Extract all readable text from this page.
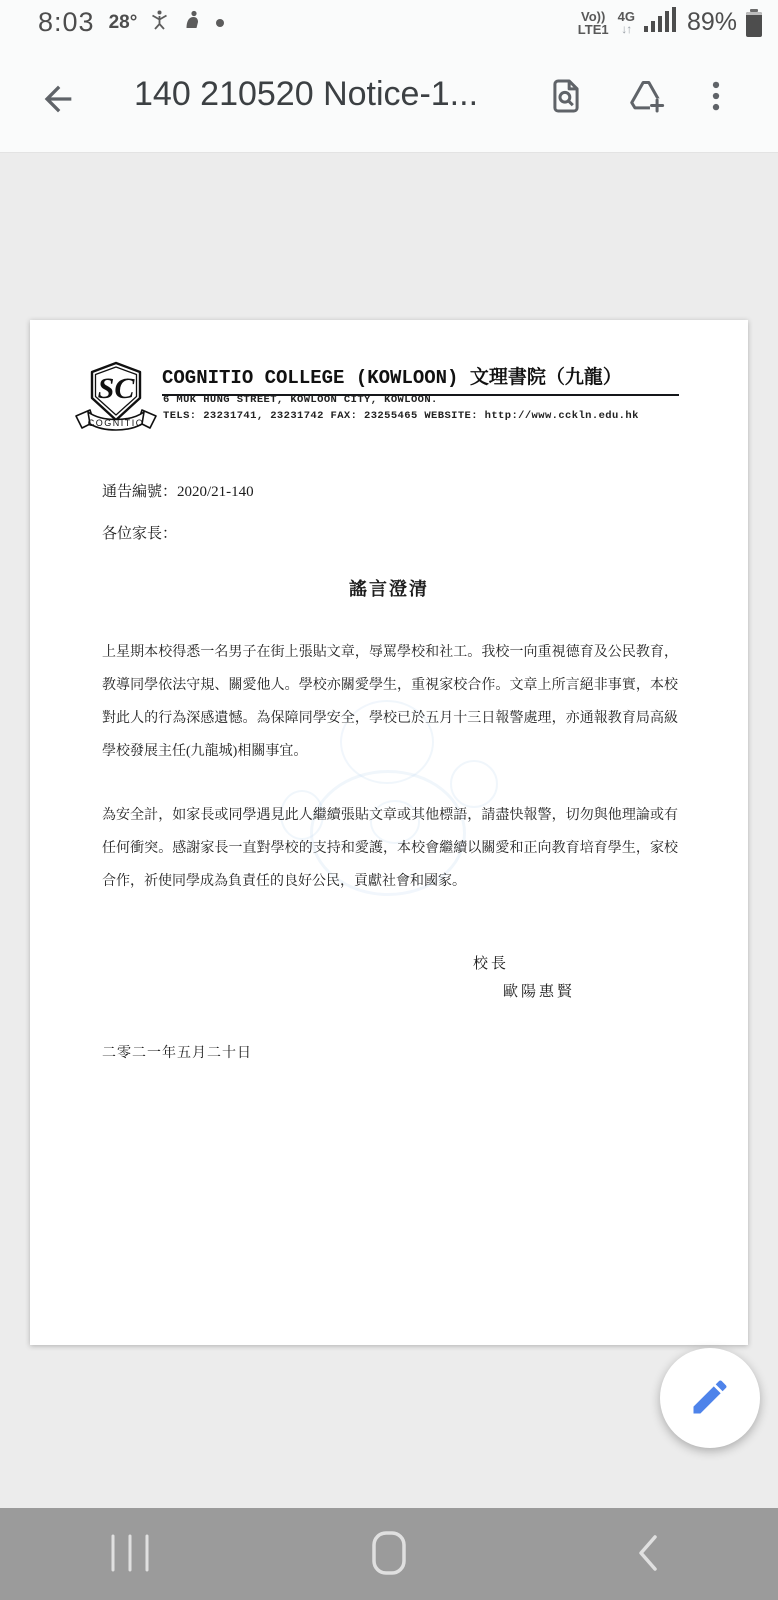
8:03 28°	Vo))
LTE1
4G
↓↑ 89%
140 210520 Notice-1...
SC
COGNITIO
COGNITIO COLLEGE (KOWLOON) 文理書院（九龍）
6 MUK HUNG STREET, KOWLOON CITY, KOWLOON.
TELS: 23231741, 23231742 FAX: 23255465 WEBSITE: http://www.cckln.edu.hk
通告編號：2020/21-140
各位家長：
謠言澄清
上星期本校得悉一名男子在街上張貼文章，辱罵學校和社工。我校一向重視德育及公民教育，教導同學依法守規、關愛他人。學校亦關愛學生，重視家校合作。文章上所言絕非事實，本校對此人的行為深感遺憾。為保障同學安全，學校已於五月十三日報警處理，亦通報教育局高級學校發展主任(九龍城)相關事宜。
為安全計，如家長或同學遇見此人繼續張貼文章或其他標語，請盡快報警，切勿與他理論或有任何衝突。感謝家長一直對學校的支持和愛護，本校會繼續以關愛和正向教育培育學生，家校合作，祈使同學成為負責任的良好公民，貢獻社會和國家。
校長
歐陽惠賢
二零二一年五月二十日
